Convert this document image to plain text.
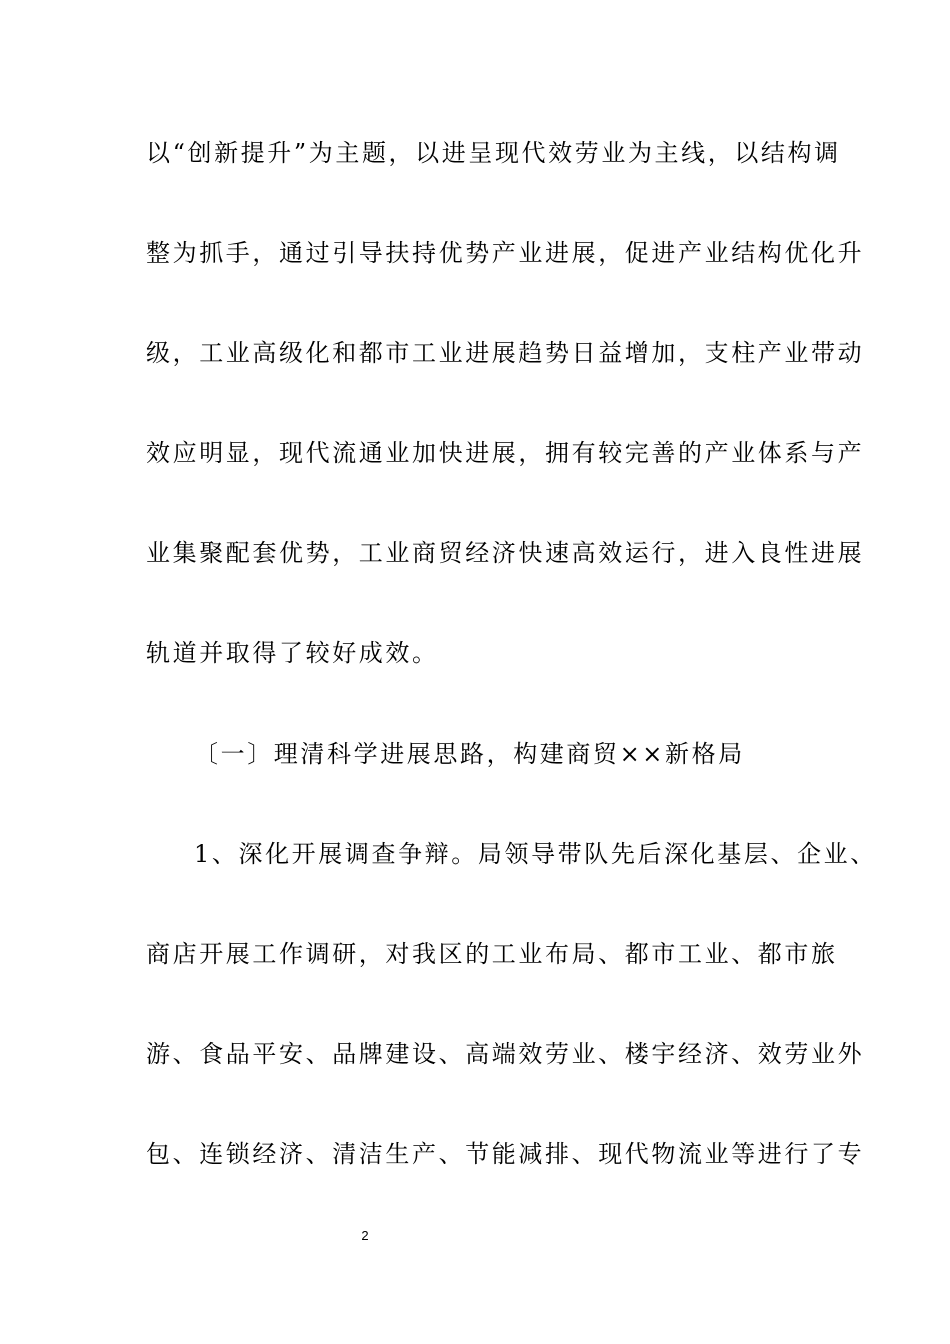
以“创新提升”为主题，以进呈现代效劳业为主线，以结构调
整为抓手，通过引导扶持优势产业进展，促进产业结构优化升
级，工业高级化和都市工业进展趋势日益增加，支柱产业带动
效应明显，现代流通业加快进展，拥有较完善的产业体系与产
业集聚配套优势，工业商贸经济快速高效运行，进入良性进展
轨道并取得了较好成效。
〔一〕理清科学进展思路，构建商贸××新格局
1、深化开展调查争辩。局领导带队先后深化基层、企业、
商店开展工作调研，对我区的工业布局、都市工业、都市旅
游、食品平安、品牌建设、高端效劳业、楼宇经济、效劳业外
包、连锁经济、清洁生产、节能减排、现代物流业等进行了专
2
